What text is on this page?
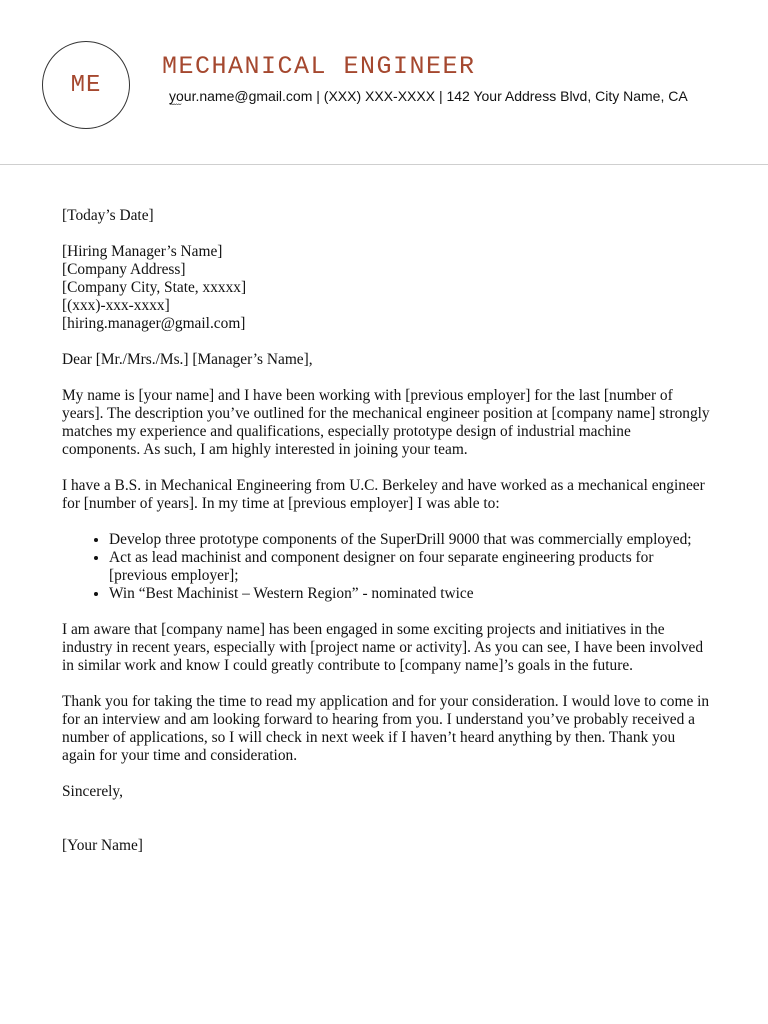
ME
MECHANICAL ENGINEER
your.name@gmail.com | (XXX) XXX-XXXX | 142 Your Address Blvd, City Name, CA
ˇˇˇˇˇ

[Today’s Date]

[Hiring Manager’s Name]

[Company Address]

[Company City, State, xxxxx]

[(xxx)-xxx-xxxx]

[hiring.manager@gmail.com]

Dear [Mr./Mrs./Ms.] [Manager’s Name],

My name is [your name] and I have been working with [previous employer] for the last [number of years]. The description you’ve outlined for the mechanical engineer position at [company name] strongly matches my experience and qualifications, especially prototype design of industrial machine components. As such, I am highly interested in joining your team.

I have a B.S. in Mechanical Engineering from U.C. Berkeley and have worked as a mechanical engineer for [number of years]. In my time at [previous employer] I was able to:

• Develop three prototype components of the SuperDrill 9000 that was commercially employed;
• Act as lead machinist and component designer on four separate engineering products for [previous employer];
• Win “Best Machinist – Western Region” - nominated twice

I am aware that [company name] has been engaged in some exciting projects and initiatives in the industry in recent years, especially with [project name or activity]. As you can see, I have been involved in similar work and know I could greatly contribute to [company name]’s goals in the future.

Thank you for taking the time to read my application and for your consideration. I would love to come in for an interview and am looking forward to hearing from you. I understand you’ve probably received a number of applications, so I will check in next week if I haven’t heard anything by then. Thank you again for your time and consideration.

Sincerely,

[Your Name]
